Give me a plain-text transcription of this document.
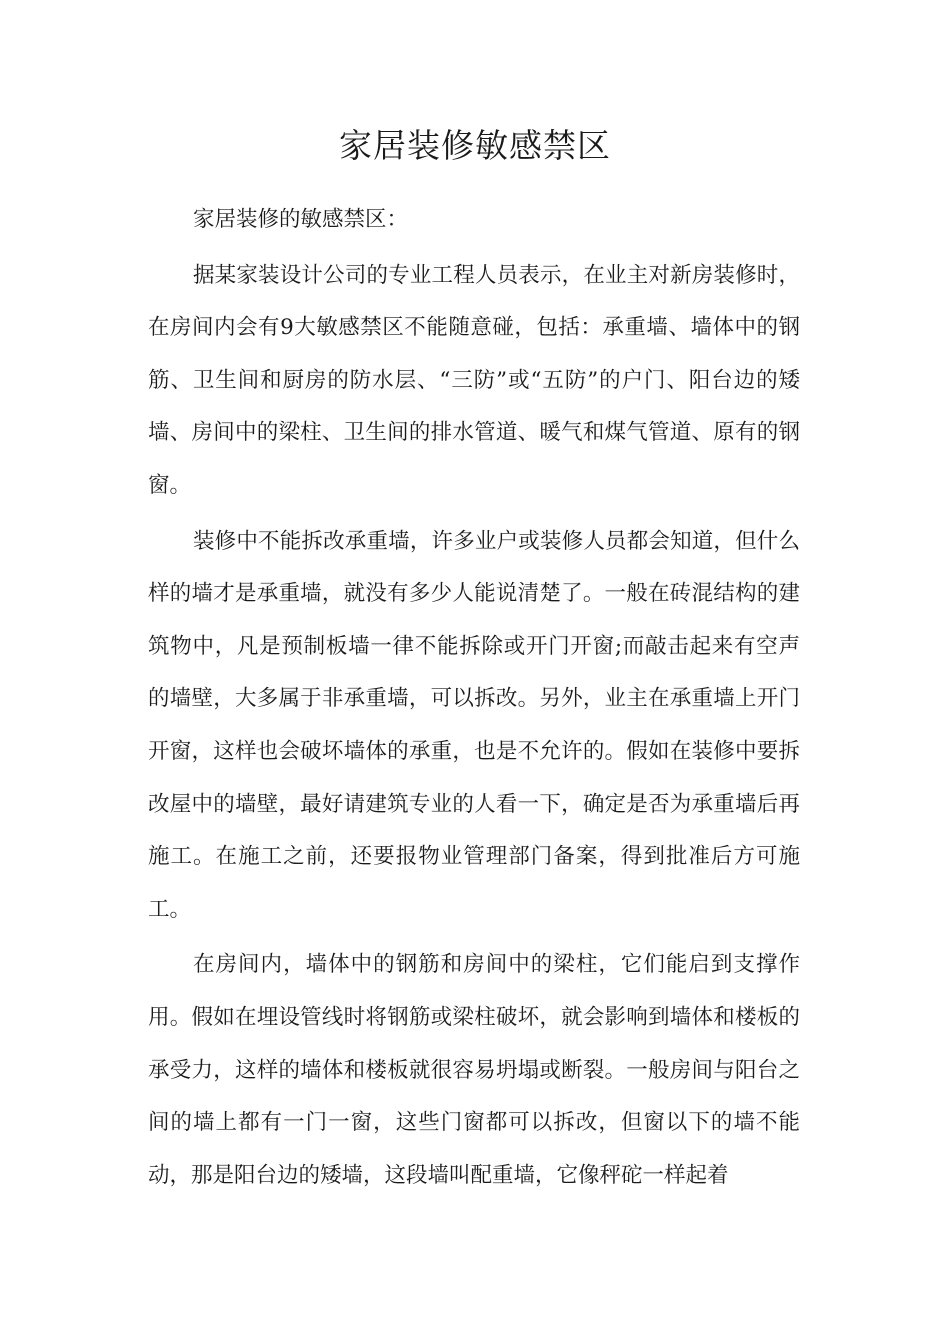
家居装修敏感禁区

家居装修的敏感禁区：

据某家装设计公司的专业工程人员表示，在业主对新房装修时，在房间内会有9大敏感禁区不能随意碰，包括：承重墙、墙体中的钢筋、卫生间和厨房的防水层、“三防”或“五防”的户门、阳台边的矮墙、房间中的梁柱、卫生间的排水管道、暖气和煤气管道、原有的钢窗。

装修中不能拆改承重墙，许多业户或装修人员都会知道，但什么样的墙才是承重墙，就没有多少人能说清楚了。一般在砖混结构的建筑物中，凡是预制板墙一律不能拆除或开门开窗;而敲击起来有空声的墙壁，大多属于非承重墙，可以拆改。另外，业主在承重墙上开门开窗，这样也会破坏墙体的承重，也是不允许的。假如在装修中要拆改屋中的墙壁，最好请建筑专业的人看一下，确定是否为承重墙后再施工。在施工之前，还要报物业管理部门备案，得到批准后方可施工。

在房间内，墙体中的钢筋和房间中的梁柱，它们能启到支撑作用。假如在埋设管线时将钢筋或梁柱破坏，就会影响到墙体和楼板的承受力，这样的墙体和楼板就很容易坍塌或断裂。一般房间与阳台之间的墙上都有一门一窗，这些门窗都可以拆改，但窗以下的墙不能动，那是阳台边的矮墙，这段墙叫配重墙，它像秤砣一样起着
